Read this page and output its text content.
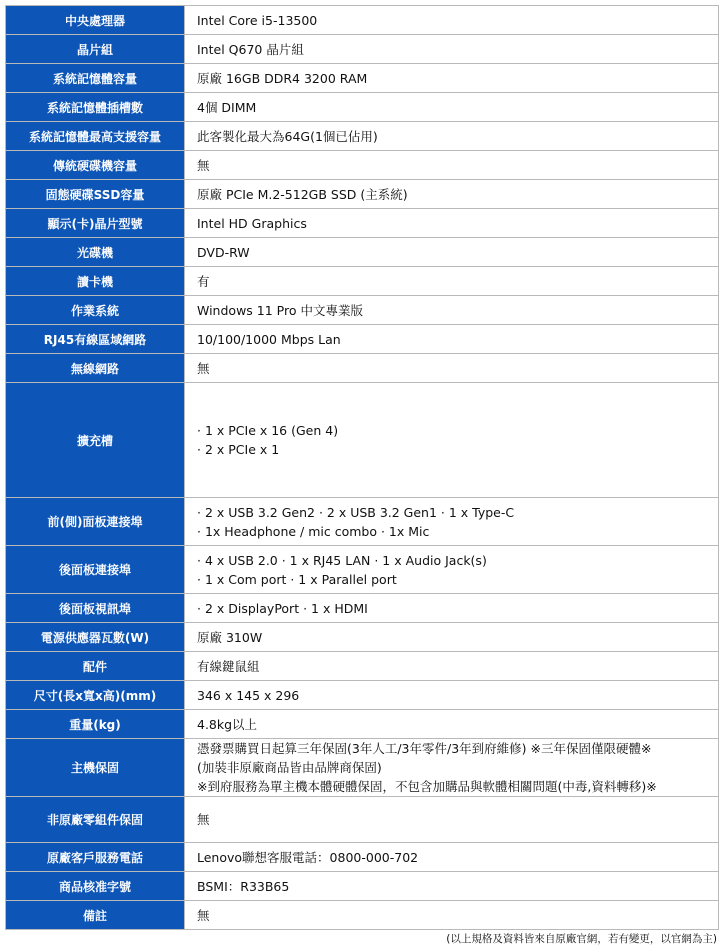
中央處理器	Intel Core i5-13500

晶片組	Intel Q670 晶片組

系統記憶體容量	原廠 16GB DDR4 3200 RAM

系統記憶體插槽數	4個 DIMM

系統記憶體最高支援容量	此客製化最大為64G(1個已佔用)

傳統硬碟機容量	無

固態硬碟SSD容量	原廠 PCIe M.2-512GB SSD (主系統)

顯示(卡)晶片型號	Intel HD Graphics

光碟機	DVD-RW

讀卡機	有

作業系統	Windows 11 Pro 中文專業版

RJ45有線區域網路	10/100/1000 Mbps Lan

無線網路	無

擴充槽	· 1 x PCIe x 16 (Gen 4)
· 2 x PCIe x 1

前(側)面板連接埠	· 2 x USB 3.2 Gen2 · 2 x USB 3.2 Gen1 · 1 x Type-C
· 1x Headphone / mic combo · 1x Mic

後面板連接埠	· 4 x USB 2.0 · 1 x RJ45 LAN · 1 x Audio Jack(s)
· 1 x Com port · 1 x Parallel port

後面板視訊埠	· 2 x DisplayPort · 1 x HDMI

電源供應器瓦數(W)	原廠 310W

配件	有線鍵鼠組

尺寸(長x寬x高)(mm)	346 x 145 x 296

重量(kg)	4.8kg以上

主機保固	憑發票購買日起算三年保固(3年人工/3年零件/3年到府維修) ※三年保固僅限硬體※
(加裝非原廠商品皆由品牌商保固)
※到府服務為單主機本體硬體保固，不包含加購品與軟體相關問題(中毒,資料轉移)※

非原廠零組件保固	無

原廠客戶服務電話	Lenovo聯想客服電話：0800-000-702

商品核准字號	BSMI：R33B65

備註	無
(以上規格及資料皆來自原廠官網，若有變更，以官網為主)
